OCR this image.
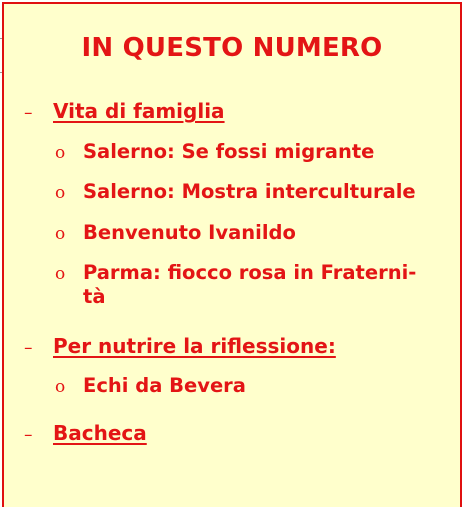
IN QUESTO NUMERO
– Vita di famiglia
o Salerno: Se fossi migrante
o Salerno: Mostra interculturale
o Benvenuto Ivanildo
o Parma: fiocco rosa in Fraterni-
tà
– Per nutrire la riflessione:
o Echi da Bevera
– Bacheca
